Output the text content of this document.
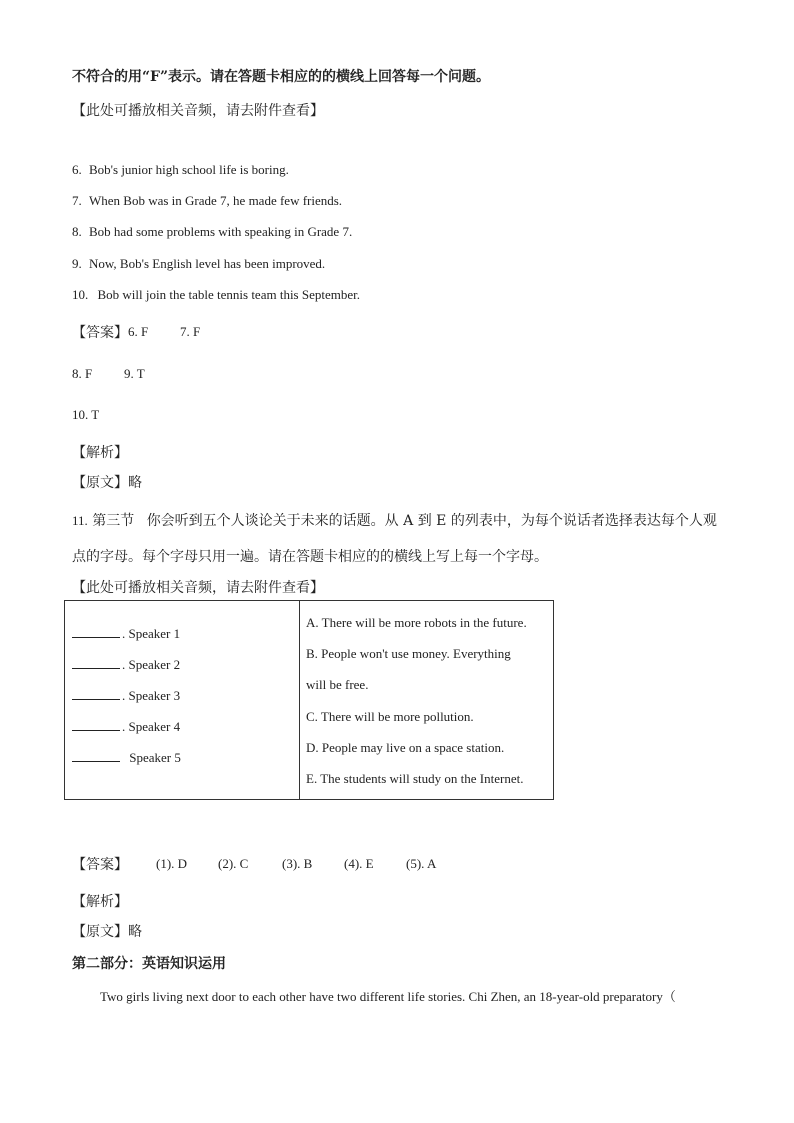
不符合的用“F”表示。请在答题卡相应的的横线上回答每一个问题。
【此处可播放相关音频，请去附件查看】
6. Bob's junior high school life is boring.
7. When Bob was in Grade 7, he made few friends.
8. Bob had some problems with speaking in Grade 7.
9. Now, Bob's English level has been improved.
10. Bob will join the table tennis team this September.
【答案】 6. F 7. F
8. F 9. T
10. T
【解析】
【原文】略
11. 第三节 你会听到五个人谈论关于未来的话题。从 A 到 E 的列表中，为每个说话者选择表达每个人观
点的字母。每个字母只用一遍。请在答题卡相应的的横线上写上每一个字母。
【此处可播放相关音频，请去附件查看】

. Speaker 1
. Speaker 2
. Speaker 3
. Speaker 4
Speaker 5
A. There will be more robots in the future.
B. People won't use money. Everything
will be free.
C. There will be more pollution.
D. People may live on a space station.
E. The students will study on the Internet.
【答案】 (1). D (2). C	(3). B (4). E (5). A
【解析】
【原文】略
第二部分：英语知识运用
Two girls living next door to each other have two different life stories. Chi Zhen, an 18-year-old preparatory（
